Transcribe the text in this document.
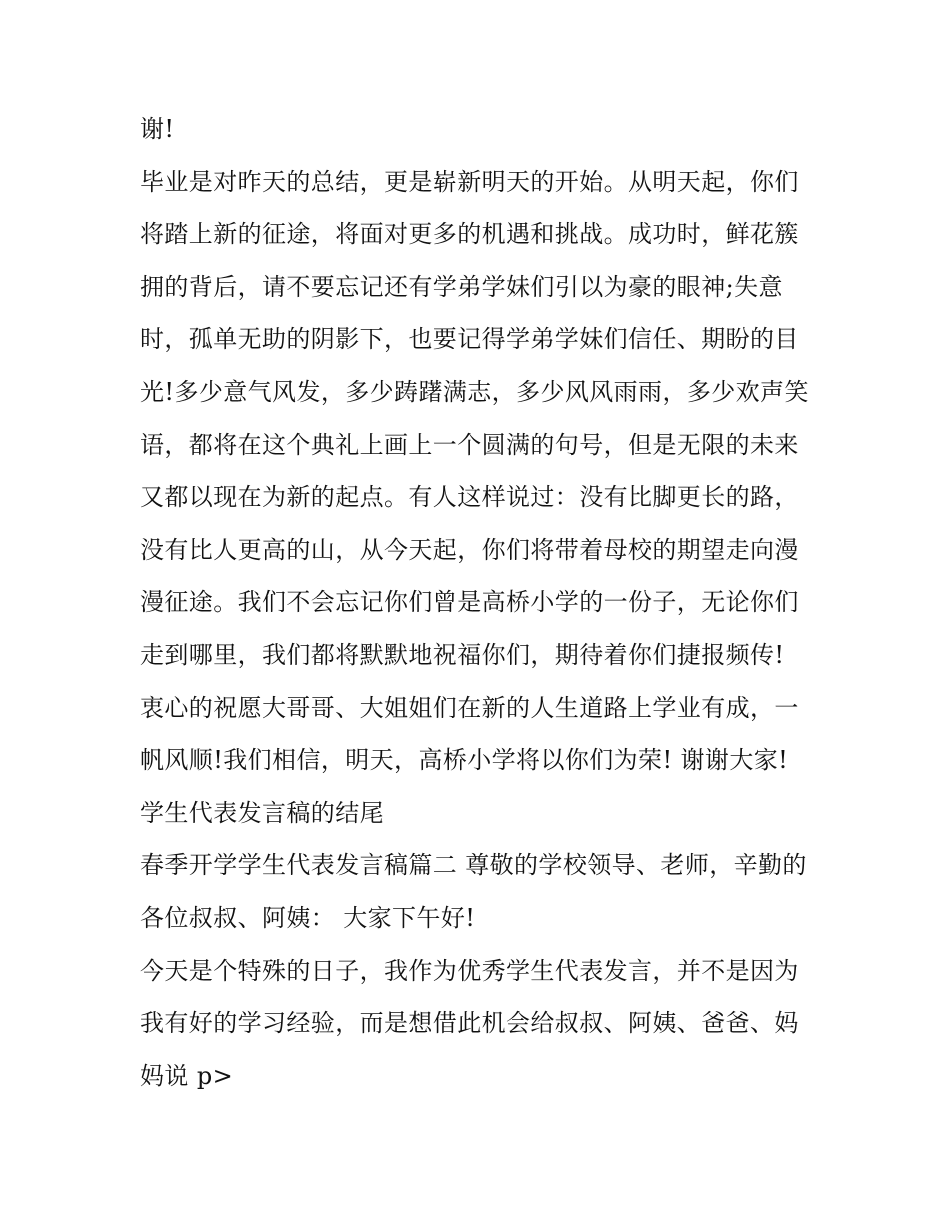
谢!

毕业是对昨天的总结，更是崭新明天的开始。从明天起，你们将踏上新的征途，将面对更多的机遇和挑战。成功时，鲜花簇拥的背后，请不要忘记还有学弟学妹们引以为豪的眼神;失意时，孤单无助的阴影下，也要记得学弟学妹们信任、期盼的目光!多少意气风发，多少踌躇满志，多少风风雨雨，多少欢声笑语，都将在这个典礼上画上一个圆满的句号，但是无限的未来又都以现在为新的起点。有人这样说过：没有比脚更长的路，没有比人更高的山，从今天起，你们将带着母校的期望走向漫漫征途。我们不会忘记你们曾是高桥小学的一份子，无论你们走到哪里，我们都将默默地祝福你们，期待着你们捷报频传!

衷心的祝愿大哥哥、大姐姐们在新的人生道路上学业有成，一帆风顺!我们相信，明天，高桥小学将以你们为荣! 谢谢大家!

学生代表发言稿的结尾

春季开学学生代表发言稿篇二 尊敬的学校领导、老师，辛勤的各位叔叔、阿姨： 大家下午好!

今天是个特殊的日子，我作为优秀学生代表发言，并不是因为我有好的学习经验，而是想借此机会给叔叔、阿姨、爸爸、妈妈说 p>
